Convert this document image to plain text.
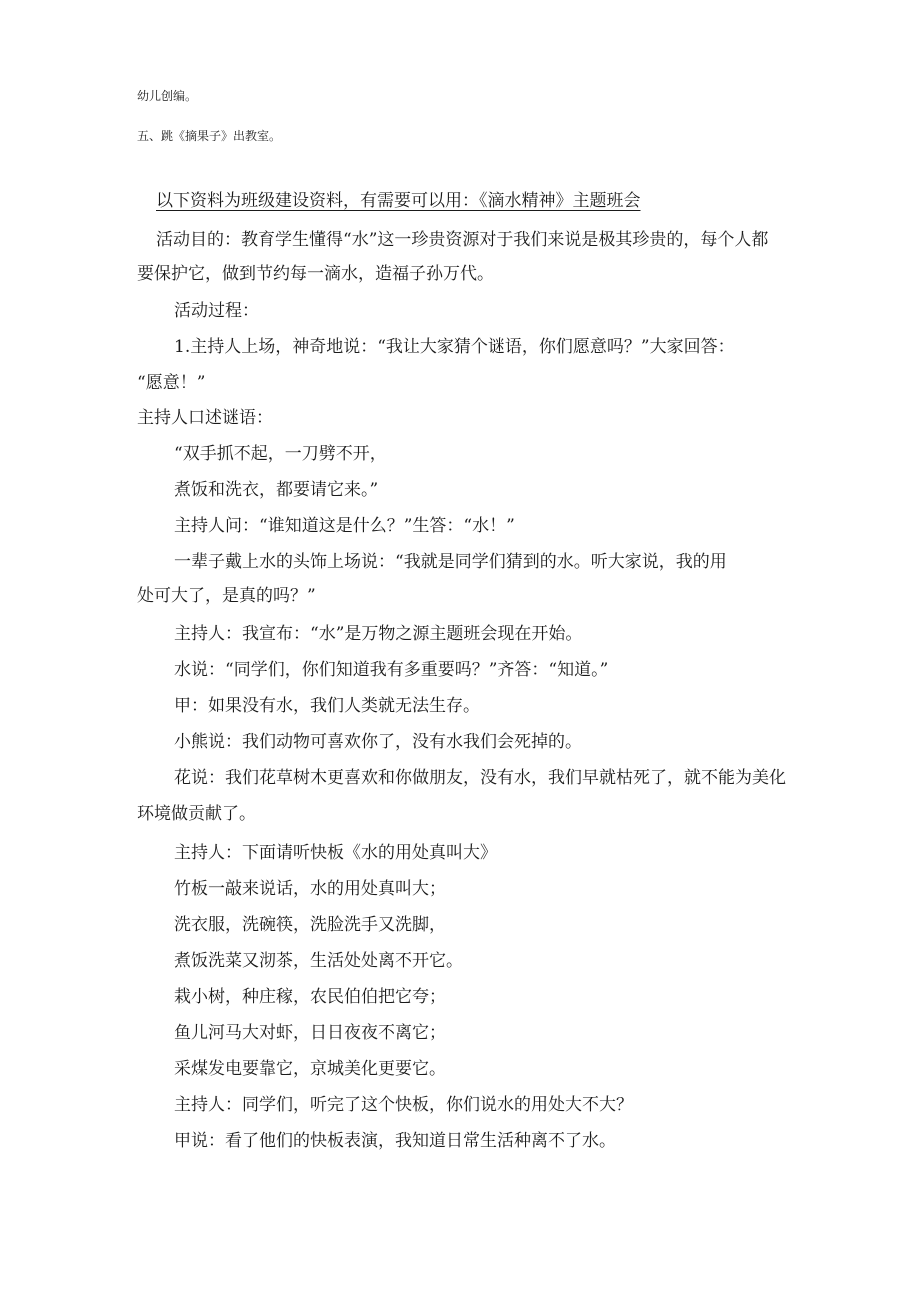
幼儿创编。

五、跳《摘果子》出教室。

以下资料为班级建设资料，有需要可以用：《滴水精神》主题班会

活动目的：教育学生懂得“水”这一珍贵资源对于我们来说是极其珍贵的，每个人都

要保护它，做到节约每一滴水，造福子孙万代。

活动过程：

1.主持人上场，神奇地说：“我让大家猜个谜语，你们愿意吗？”大家回答：

“愿意！”

主持人口述谜语：

“双手抓不起，一刀劈不开，

煮饭和洗衣，都要请它来。”

主持人问：“谁知道这是什么？”生答：“水！”

一辈子戴上水的头饰上场说：“我就是同学们猜到的水。听大家说，我的用

处可大了，是真的吗？”

主持人：我宣布：“水”是万物之源主题班会现在开始。

水说：“同学们，你们知道我有多重要吗？”齐答：“知道。”

甲：如果没有水，我们人类就无法生存。

小熊说：我们动物可喜欢你了，没有水我们会死掉的。

花说：我们花草树木更喜欢和你做朋友，没有水，我们早就枯死了，就不能为美化

环境做贡献了。

主持人：下面请听快板《水的用处真叫大》

竹板一敲来说话，水的用处真叫大；

洗衣服，洗碗筷，洗脸洗手又洗脚，

煮饭洗菜又沏茶，生活处处离不开它。

栽小树，种庄稼，农民伯伯把它夸；

鱼儿河马大对虾，日日夜夜不离它；

采煤发电要靠它，京城美化更要它。

主持人：同学们，听完了这个快板，你们说水的用处大不大？

甲说：看了他们的快板表演，我知道日常生活种离不了水。
